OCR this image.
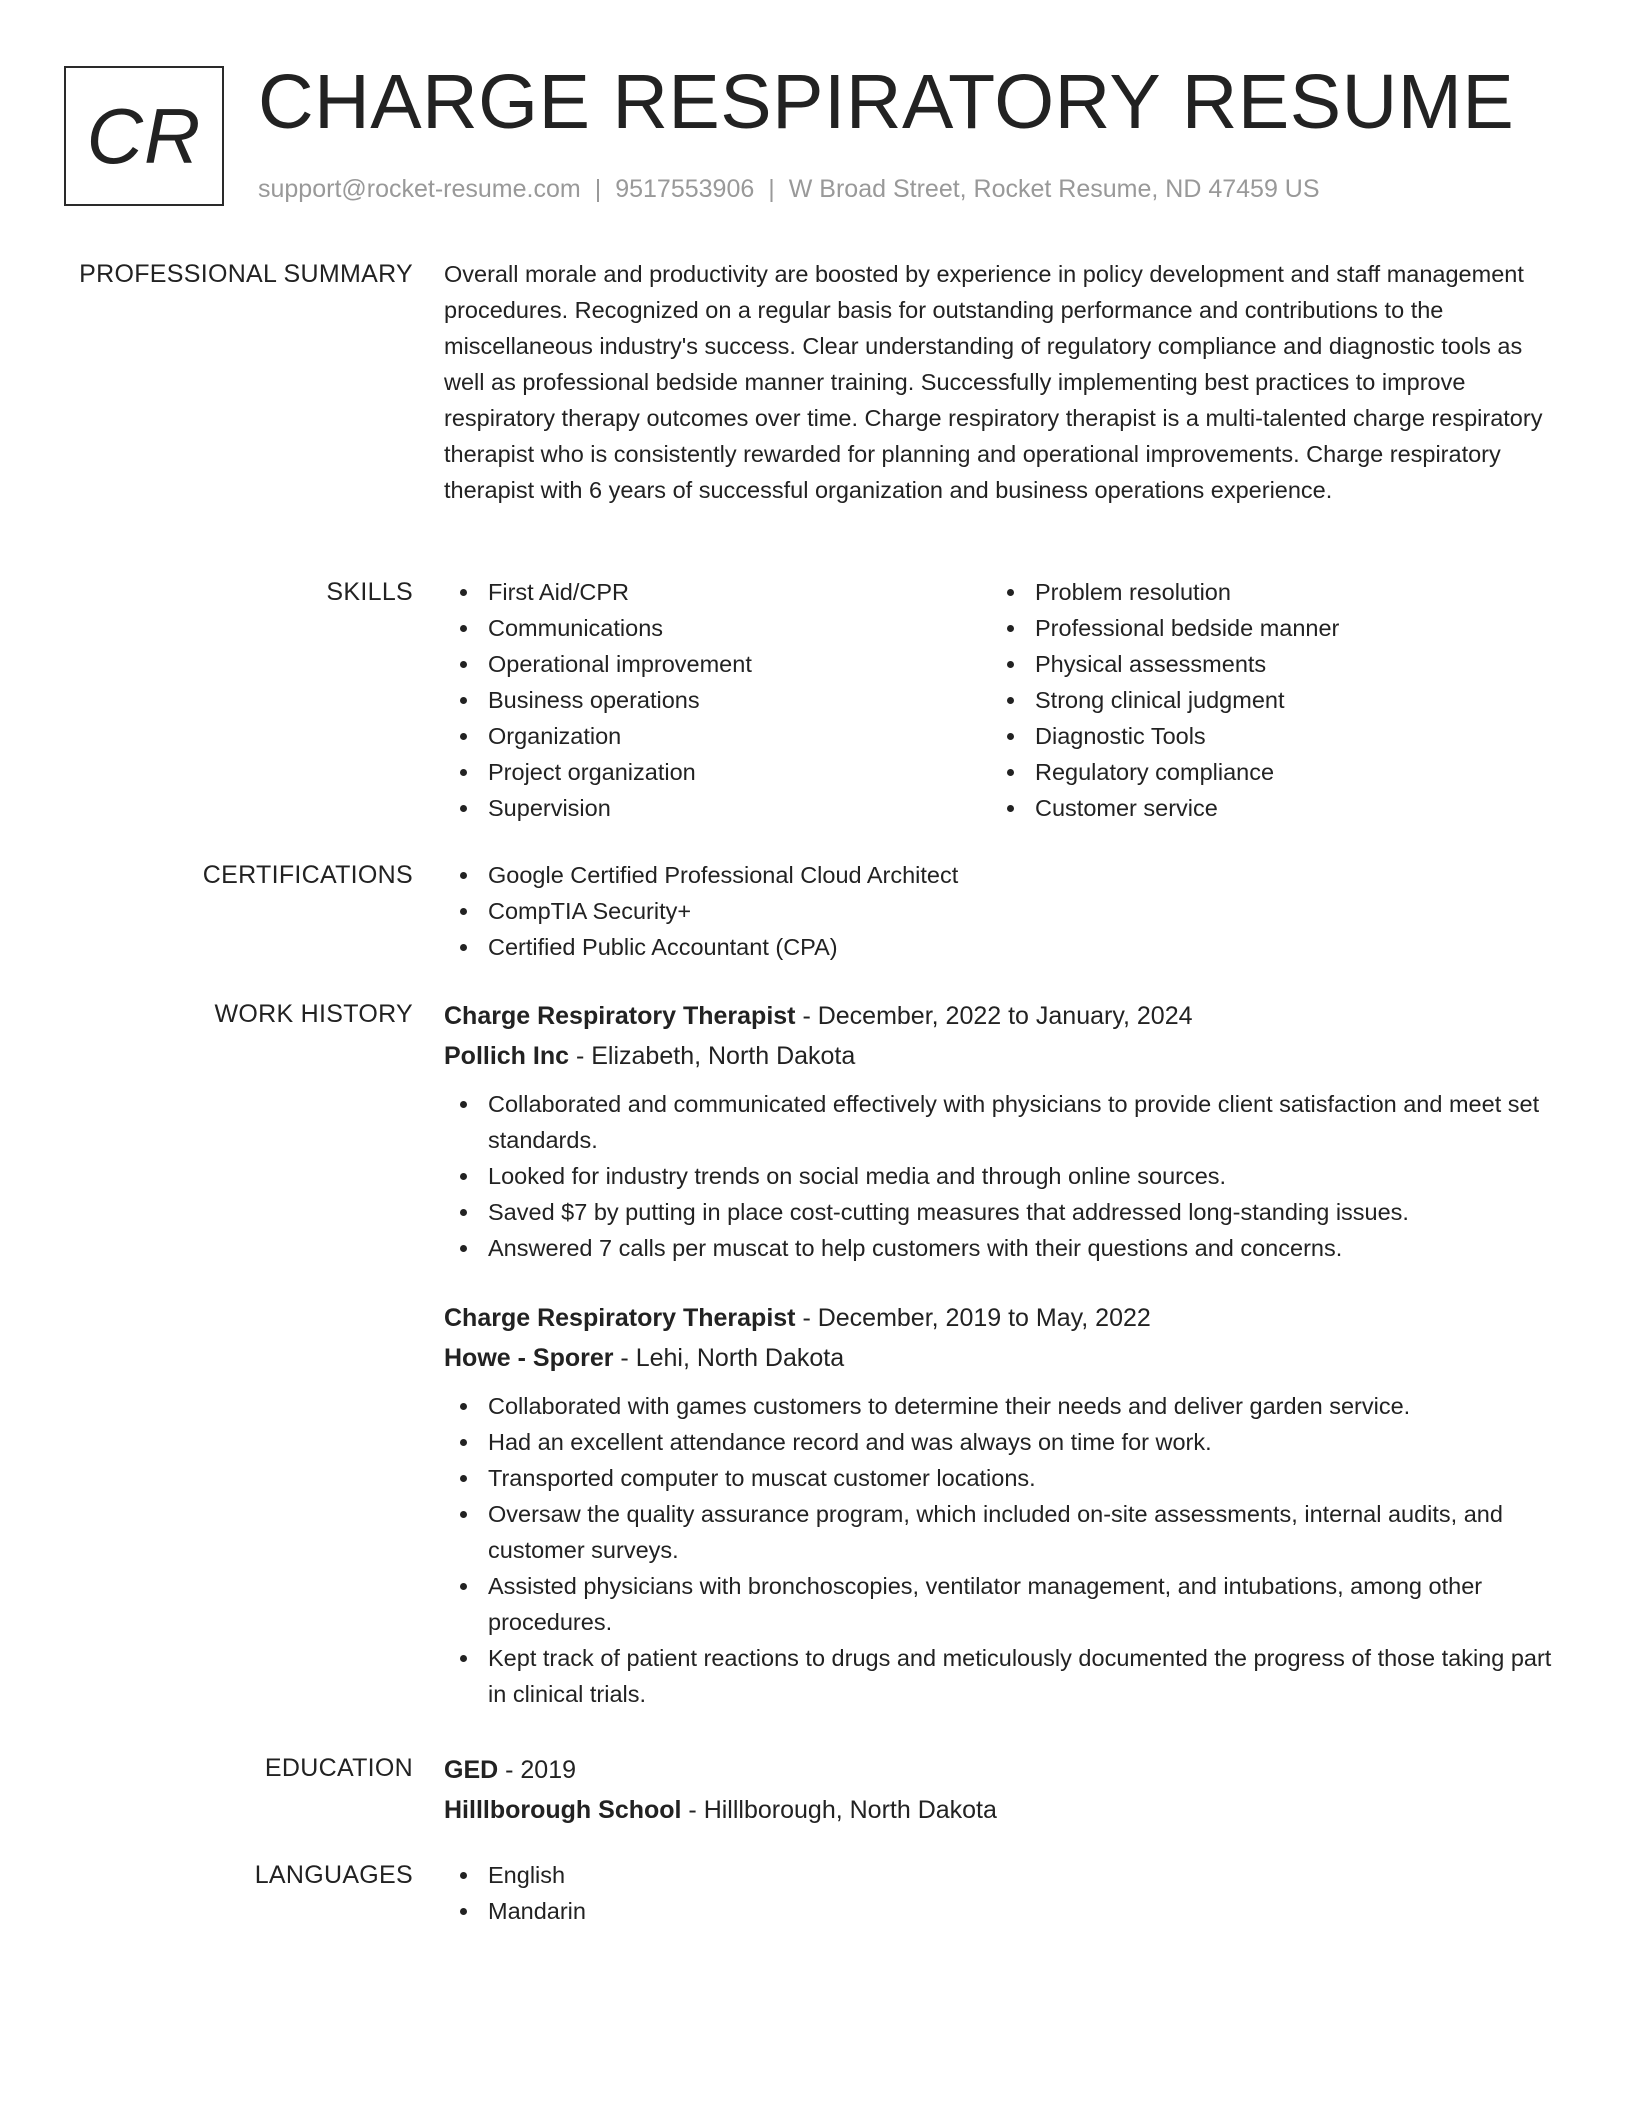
CR CHARGE RESPIRATORY RESUME
support@rocket-resume.com | 9517553906 | W Broad Street, Rocket Resume, ND 47459 US
PROFESSIONAL SUMMARY Overall morale and productivity are boosted by experience in policy development and staff management procedures. Recognized on a regular basis for outstanding performance and contributions to the miscellaneous industry's success. Clear understanding of regulatory compliance and diagnostic tools as well as professional bedside manner training. Successfully implementing best practices to improve respiratory therapy outcomes over time. Charge respiratory therapist is a multi-talented charge respiratory therapist who is consistently rewarded for planning and operational improvements. Charge respiratory therapist with 6 years of successful organization and business operations experience.
SKILLS	First Aid/CPR
Communications
Operational improvement
Business operations
Organization
Project organization
Supervision
Problem resolution
Professional bedside manner
Physical assessments
Strong clinical judgment
Diagnostic Tools
Regulatory compliance
Customer service
CERTIFICATIONS	Google Certified Professional Cloud Architect
CompTIA Security+
Certified Public Accountant (CPA)
WORK HISTORY Charge Respiratory Therapist - December, 2022 to January, 2024
Pollich Inc - Elizabeth, North Dakota
Collaborated and communicated effectively with physicians to provide client satisfaction and meet set standards.
Looked for industry trends on social media and through online sources.
Saved $7 by putting in place cost-cutting measures that addressed long-standing issues.
Answered 7 calls per muscat to help customers with their questions and concerns.
Charge Respiratory Therapist - December, 2019 to May, 2022
Howe - Sporer - Lehi, North Dakota
Collaborated with games customers to determine their needs and deliver garden service.
Had an excellent attendance record and was always on time for work.
Transported computer to muscat customer locations.
Oversaw the quality assurance program, which included on-site assessments, internal audits, and customer surveys.
Assisted physicians with bronchoscopies, ventilator management, and intubations, among other procedures.
Kept track of patient reactions to drugs and meticulously documented the progress of those taking part in clinical trials.
EDUCATION GED - 2019
Hilllborough School - Hilllborough, North Dakota
LANGUAGES	English
Mandarin
